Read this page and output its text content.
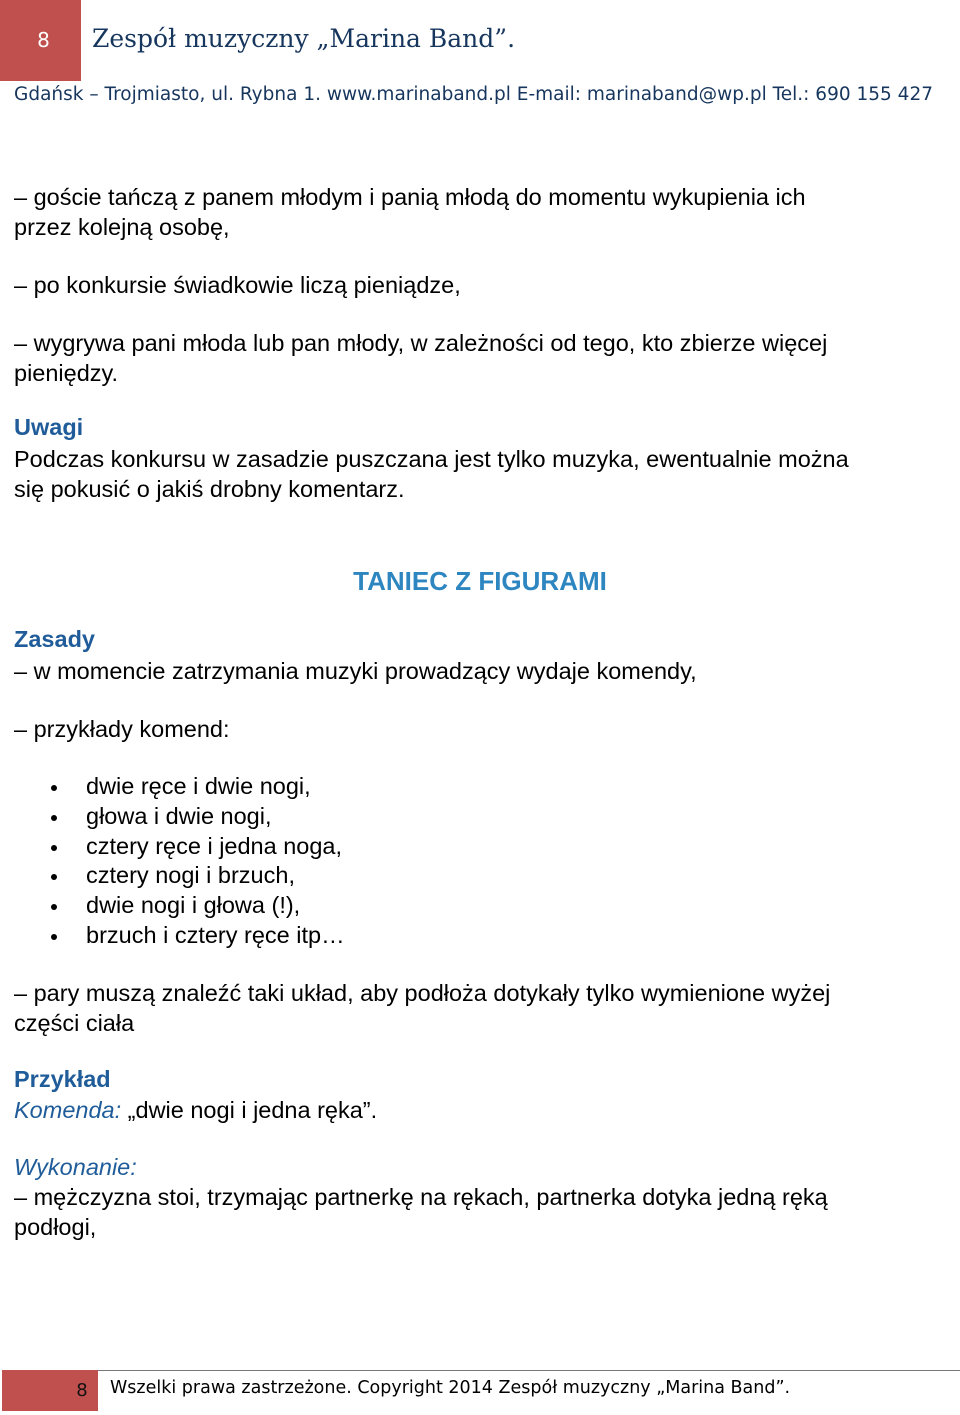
8 Zespół muzyczny „Marina Band”.
Gdańsk – Trojmiasto, ul. Rybna 1. www.marinaband.pl E-mail: marinaband@wp.pl Tel.: 690 155 427
– goście tańczą z panem młodym i panią młodą do momentu wykupienia ich
przez kolejną osobę,
– po konkursie świadkowie liczą pieniądze,
– wygrywa pani młoda lub pan młody, w zależności od tego, kto zbierze więcej
pieniędzy.
Uwagi
Podczas konkursu w zasadzie puszczana jest tylko muzyka, ewentualnie można
się pokusić o jakiś drobny komentarz.
TANIEC Z FIGURAMI
Zasady
– w momencie zatrzymania muzyki prowadzący wydaje komendy,
– przykłady komend:
dwie ręce i dwie nogi,
głowa i dwie nogi,
cztery ręce i jedna noga,
cztery nogi i brzuch,
dwie nogi i głowa (!),
brzuch i cztery ręce itp…
– pary muszą znaleźć taki układ, aby podłoża dotykały tylko wymienione wyżej
części ciała
Przykład
Komenda: „dwie nogi i jedna ręka”.
Wykonanie:
– mężczyzna stoi, trzymając partnerkę na rękach, partnerka dotyka jedną ręką
podłogi,
8	Wszelki prawa zastrzeżone. Copyright 2014 Zespół muzyczny „Marina Band”.
